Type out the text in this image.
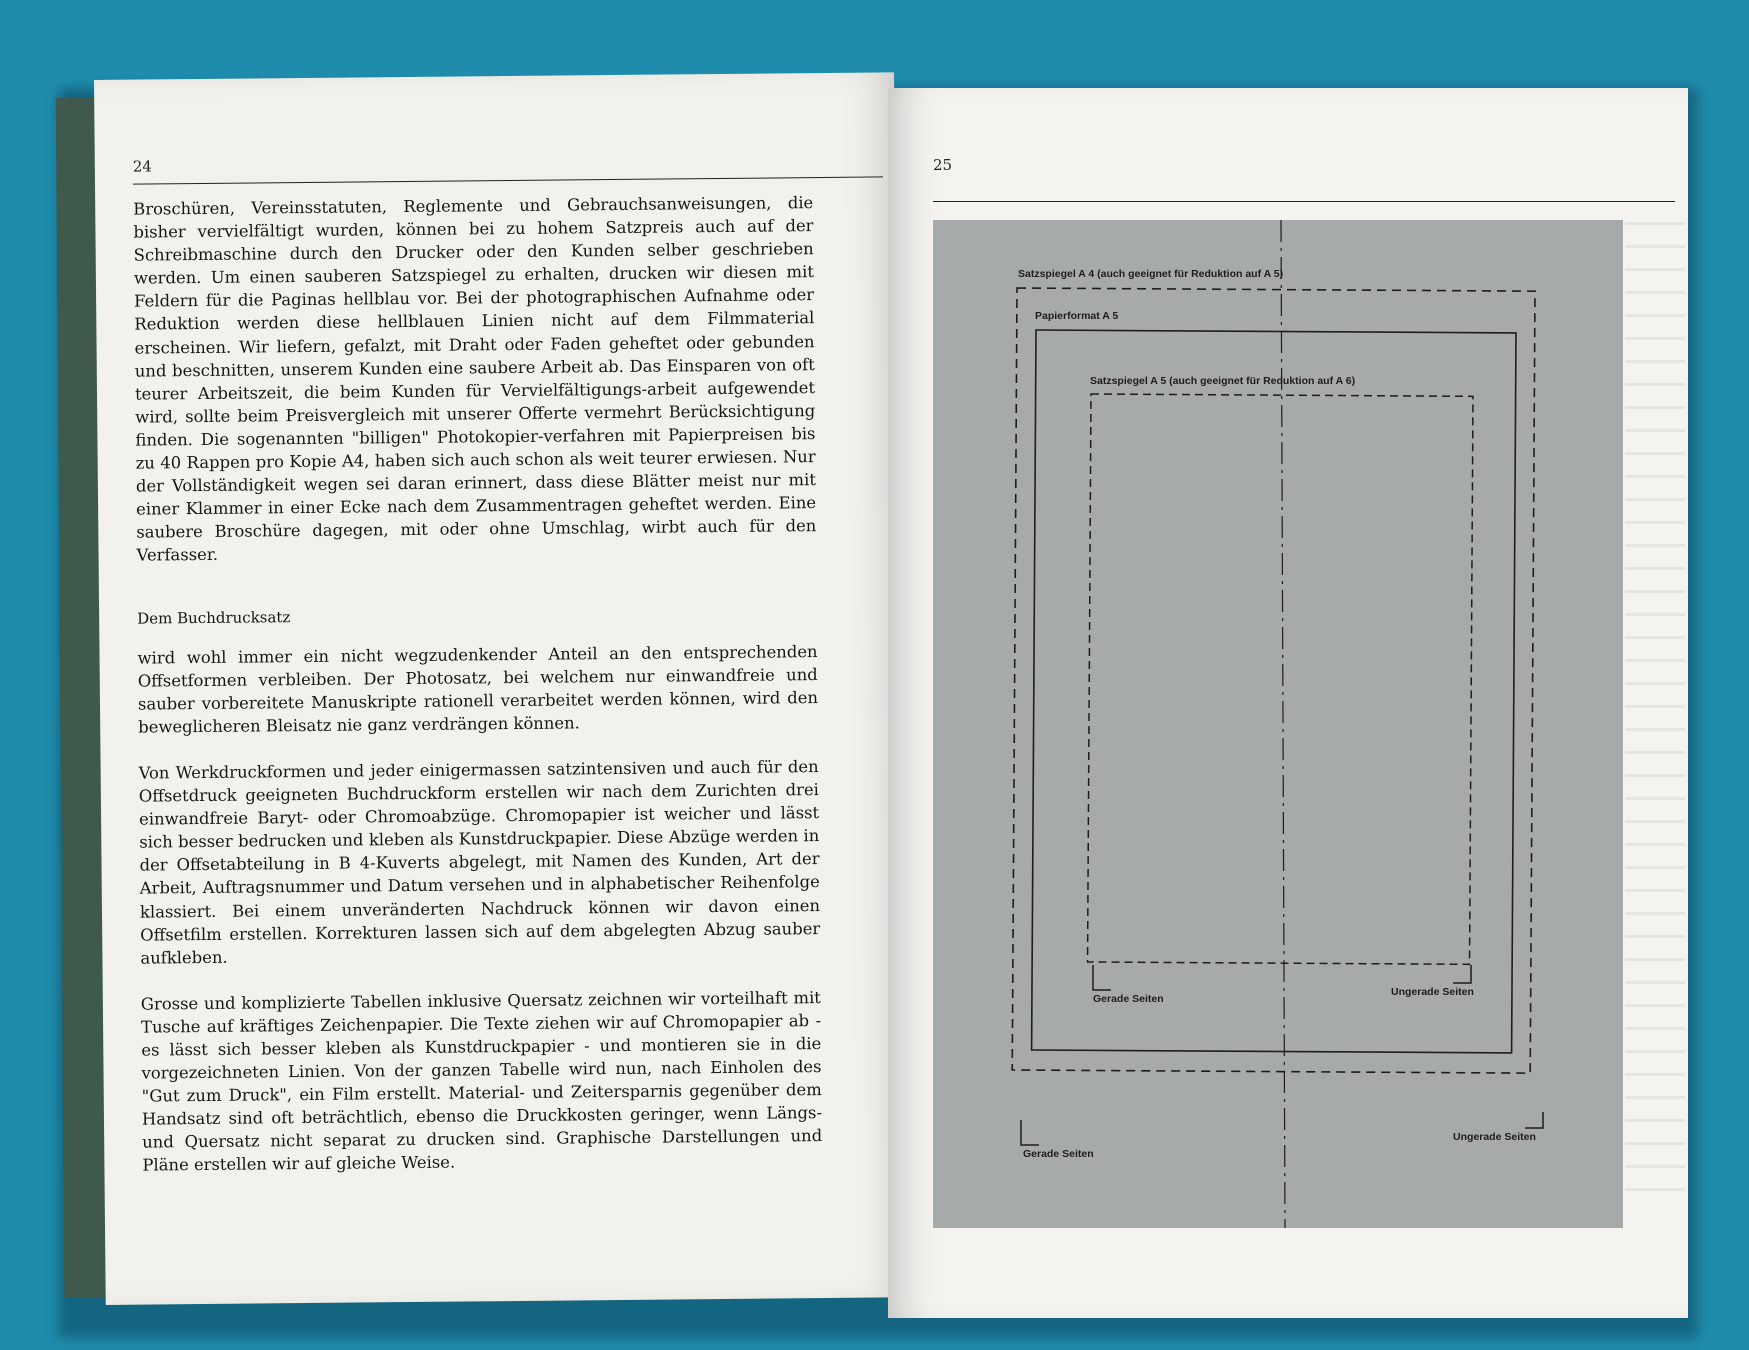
24

Broschüren, Vereinsstatuten, Reglemente und Gebrauchsanweisungen, die bisher vervielfältigt wurden, können bei zu hohem Satzpreis auch auf der Schreibmaschine durch den Drucker oder den Kunden selber geschrieben werden. Um einen sauberen Satzspiegel zu erhalten, drucken wir diesen mit Feldern für die Paginas hellblau vor. Bei der photographischen Aufnahme oder Reduktion werden diese hellblauen Linien nicht auf dem Filmmaterial erscheinen. Wir liefern, gefalzt, mit Draht oder Faden geheftet oder gebunden und beschnitten, unserem Kunden eine saubere Arbeit ab. Das Einsparen von oft teurer Arbeitszeit, die beim Kunden für Vervielfältigungs-arbeit aufgewendet wird, sollte beim Preisvergleich mit unserer Offerte vermehrt Berücksichtigung finden. Die sogenannten "billigen" Photokopier-verfahren mit Papierpreisen bis zu 40 Rappen pro Kopie A4, haben sich auch schon als weit teurer erwiesen. Nur der Vollständigkeit wegen sei daran erinnert, dass diese Blätter meist nur mit einer Klammer in einer Ecke nach dem Zusammentragen geheftet werden. Eine saubere Broschüre dagegen, mit oder ohne Umschlag, wirbt auch für den Verfasser.

Dem Buchdrucksatz

wird wohl immer ein nicht wegzudenkender Anteil an den entsprechenden Offsetformen verbleiben. Der Photosatz, bei welchem nur einwandfreie und sauber vorbereitete Manuskripte rationell verarbeitet werden können, wird den beweglicheren Bleisatz nie ganz verdrängen können.

Von Werkdruckformen und jeder einigermassen satzintensiven und auch für den Offsetdruck geeigneten Buchdruckform erstellen wir nach dem Zurichten drei einwandfreie Baryt- oder Chromoabzüge. Chromopapier ist weicher und lässt sich besser bedrucken und kleben als Kunstdruckpapier. Diese Abzüge werden in der Offsetabteilung in B 4-Kuverts abgelegt, mit Namen des Kunden, Art der Arbeit, Auftragsnummer und Datum versehen und in alphabetischer Reihenfolge klassiert. Bei einem unveränderten Nachdruck können wir davon einen Offsetfilm erstellen. Korrekturen lassen sich auf dem abgelegten Abzug sauber aufkleben.

Grosse und komplizierte Tabellen inklusive Quersatz zeichnen wir vorteilhaft mit Tusche auf kräftiges Zeichenpapier. Die Texte ziehen wir auf Chromopapier ab - es lässt sich besser kleben als Kunstdruckpapier - und montieren sie in die vorgezeichneten Linien. Von der ganzen Tabelle wird nun, nach Einholen des "Gut zum Druck", ein Film erstellt. Material- und Zeitersparnis gegenüber dem Handsatz sind oft beträchtlich, ebenso die Druckkosten geringer, wenn Längs- und Quersatz nicht separat zu drucken sind. Graphische Darstellungen und Pläne erstellen wir auf gleiche Weise.

25
Satzspiegel A 4 (auch geeignet für Reduktion auf A 5)
Papierformat A 5
Satzspiegel A 5 (auch geeignet für Reduktion auf A 6)
Gerade Seiten
Ungerade Seiten
Gerade Seiten
Ungerade Seiten
